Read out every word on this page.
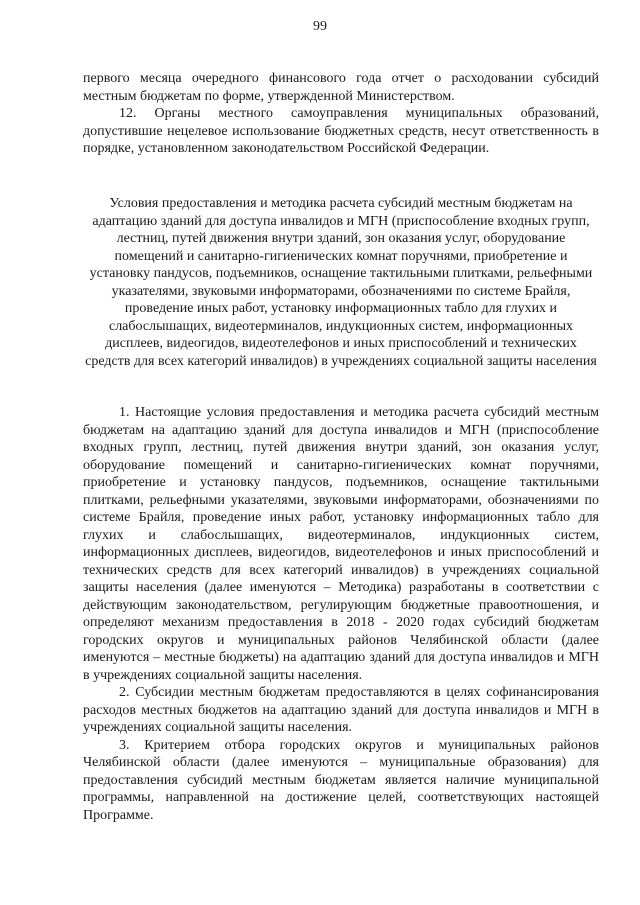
99

первого месяца очередного финансового года отчет о расходовании субсидий местным бюджетам по форме, утвержденной Министерством.

12. Органы местного самоуправления муниципальных образований, допустившие нецелевое использование бюджетных средств, несут ответственность в порядке, установленном законодательством Российской Федерации.

Условия предоставления и методика расчета субсидий местным бюджетам на адаптацию зданий для доступа инвалидов и МГН (приспособление входных групп, лестниц, путей движения внутри зданий, зон оказания услуг, оборудование помещений и санитарно-гигиенических комнат поручнями, приобретение и установку пандусов, подъемников, оснащение тактильными плитками, рельефными указателями, звуковыми информаторами, обозначениями по системе Брайля, проведение иных работ, установку информационных табло для глухих и слабослышащих, видеотерминалов, индукционных систем, информационных дисплеев, видеогидов, видеотелефонов и иных приспособлений и технических средств для всех категорий инвалидов) в учреждениях социальной защиты населения

1. Настоящие условия предоставления и методика расчета субсидий местным бюджетам на адаптацию зданий для доступа инвалидов и МГН (приспособление входных групп, лестниц, путей движения внутри зданий, зон оказания услуг, оборудование помещений и санитарно-гигиенических комнат поручнями, приобретение и установку пандусов, подъемников, оснащение тактильными плитками, рельефными указателями, звуковыми информаторами, обозначениями по системе Брайля, проведение иных работ, установку информационных табло для глухих и слабослышащих, видеотерминалов, индукционных систем, информационных дисплеев, видеогидов, видеотелефонов и иных приспособлений и технических средств для всех категорий инвалидов) в учреждениях социальной защиты населения (далее именуются – Методика) разработаны в соответствии с действующим законодательством, регулирующим бюджетные правоотношения, и определяют механизм предоставления в 2018 - 2020 годах субсидий бюджетам городских округов и муниципальных районов Челябинской области (далее именуются – местные бюджеты) на адаптацию зданий для доступа инвалидов и МГН в учреждениях социальной защиты населения.

2. Субсидии местным бюджетам предоставляются в целях софинансирования расходов местных бюджетов на адаптацию зданий для доступа инвалидов и МГН в учреждениях социальной защиты населения.

3. Критерием отбора городских округов и муниципальных районов Челябинской области (далее именуются – муниципальные образования) для предоставления субсидий местным бюджетам является наличие муниципальной программы, направленной на достижение целей, соответствующих настоящей Программе.
